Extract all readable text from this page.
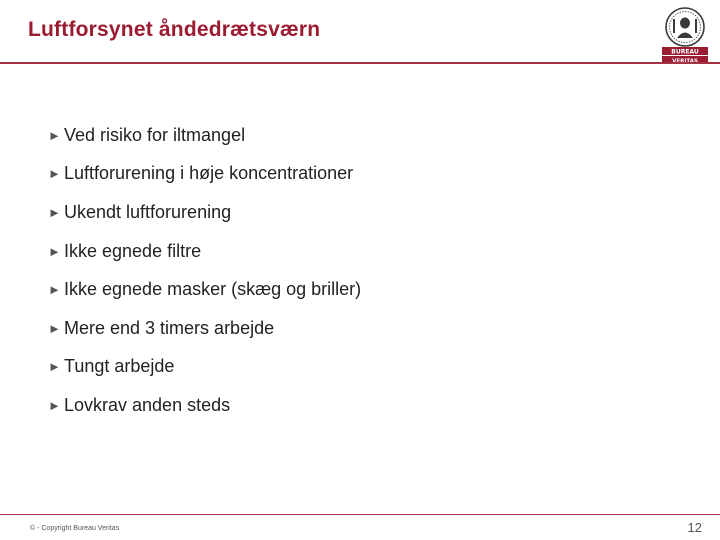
Luftforsynet åndedrætsværn
BUREAU
► Ved risiko for iltmangel
► Luftforurening i høje koncentrationer
► Ukendt luftforurening
► Ikke egnede filtre
► Ikke egnede masker (skæg og briller)
► Mere end 3 timers arbejde
► Tungt arbejde
► Lovkrav anden steds
© - Copyright Bureau Veritas	12
